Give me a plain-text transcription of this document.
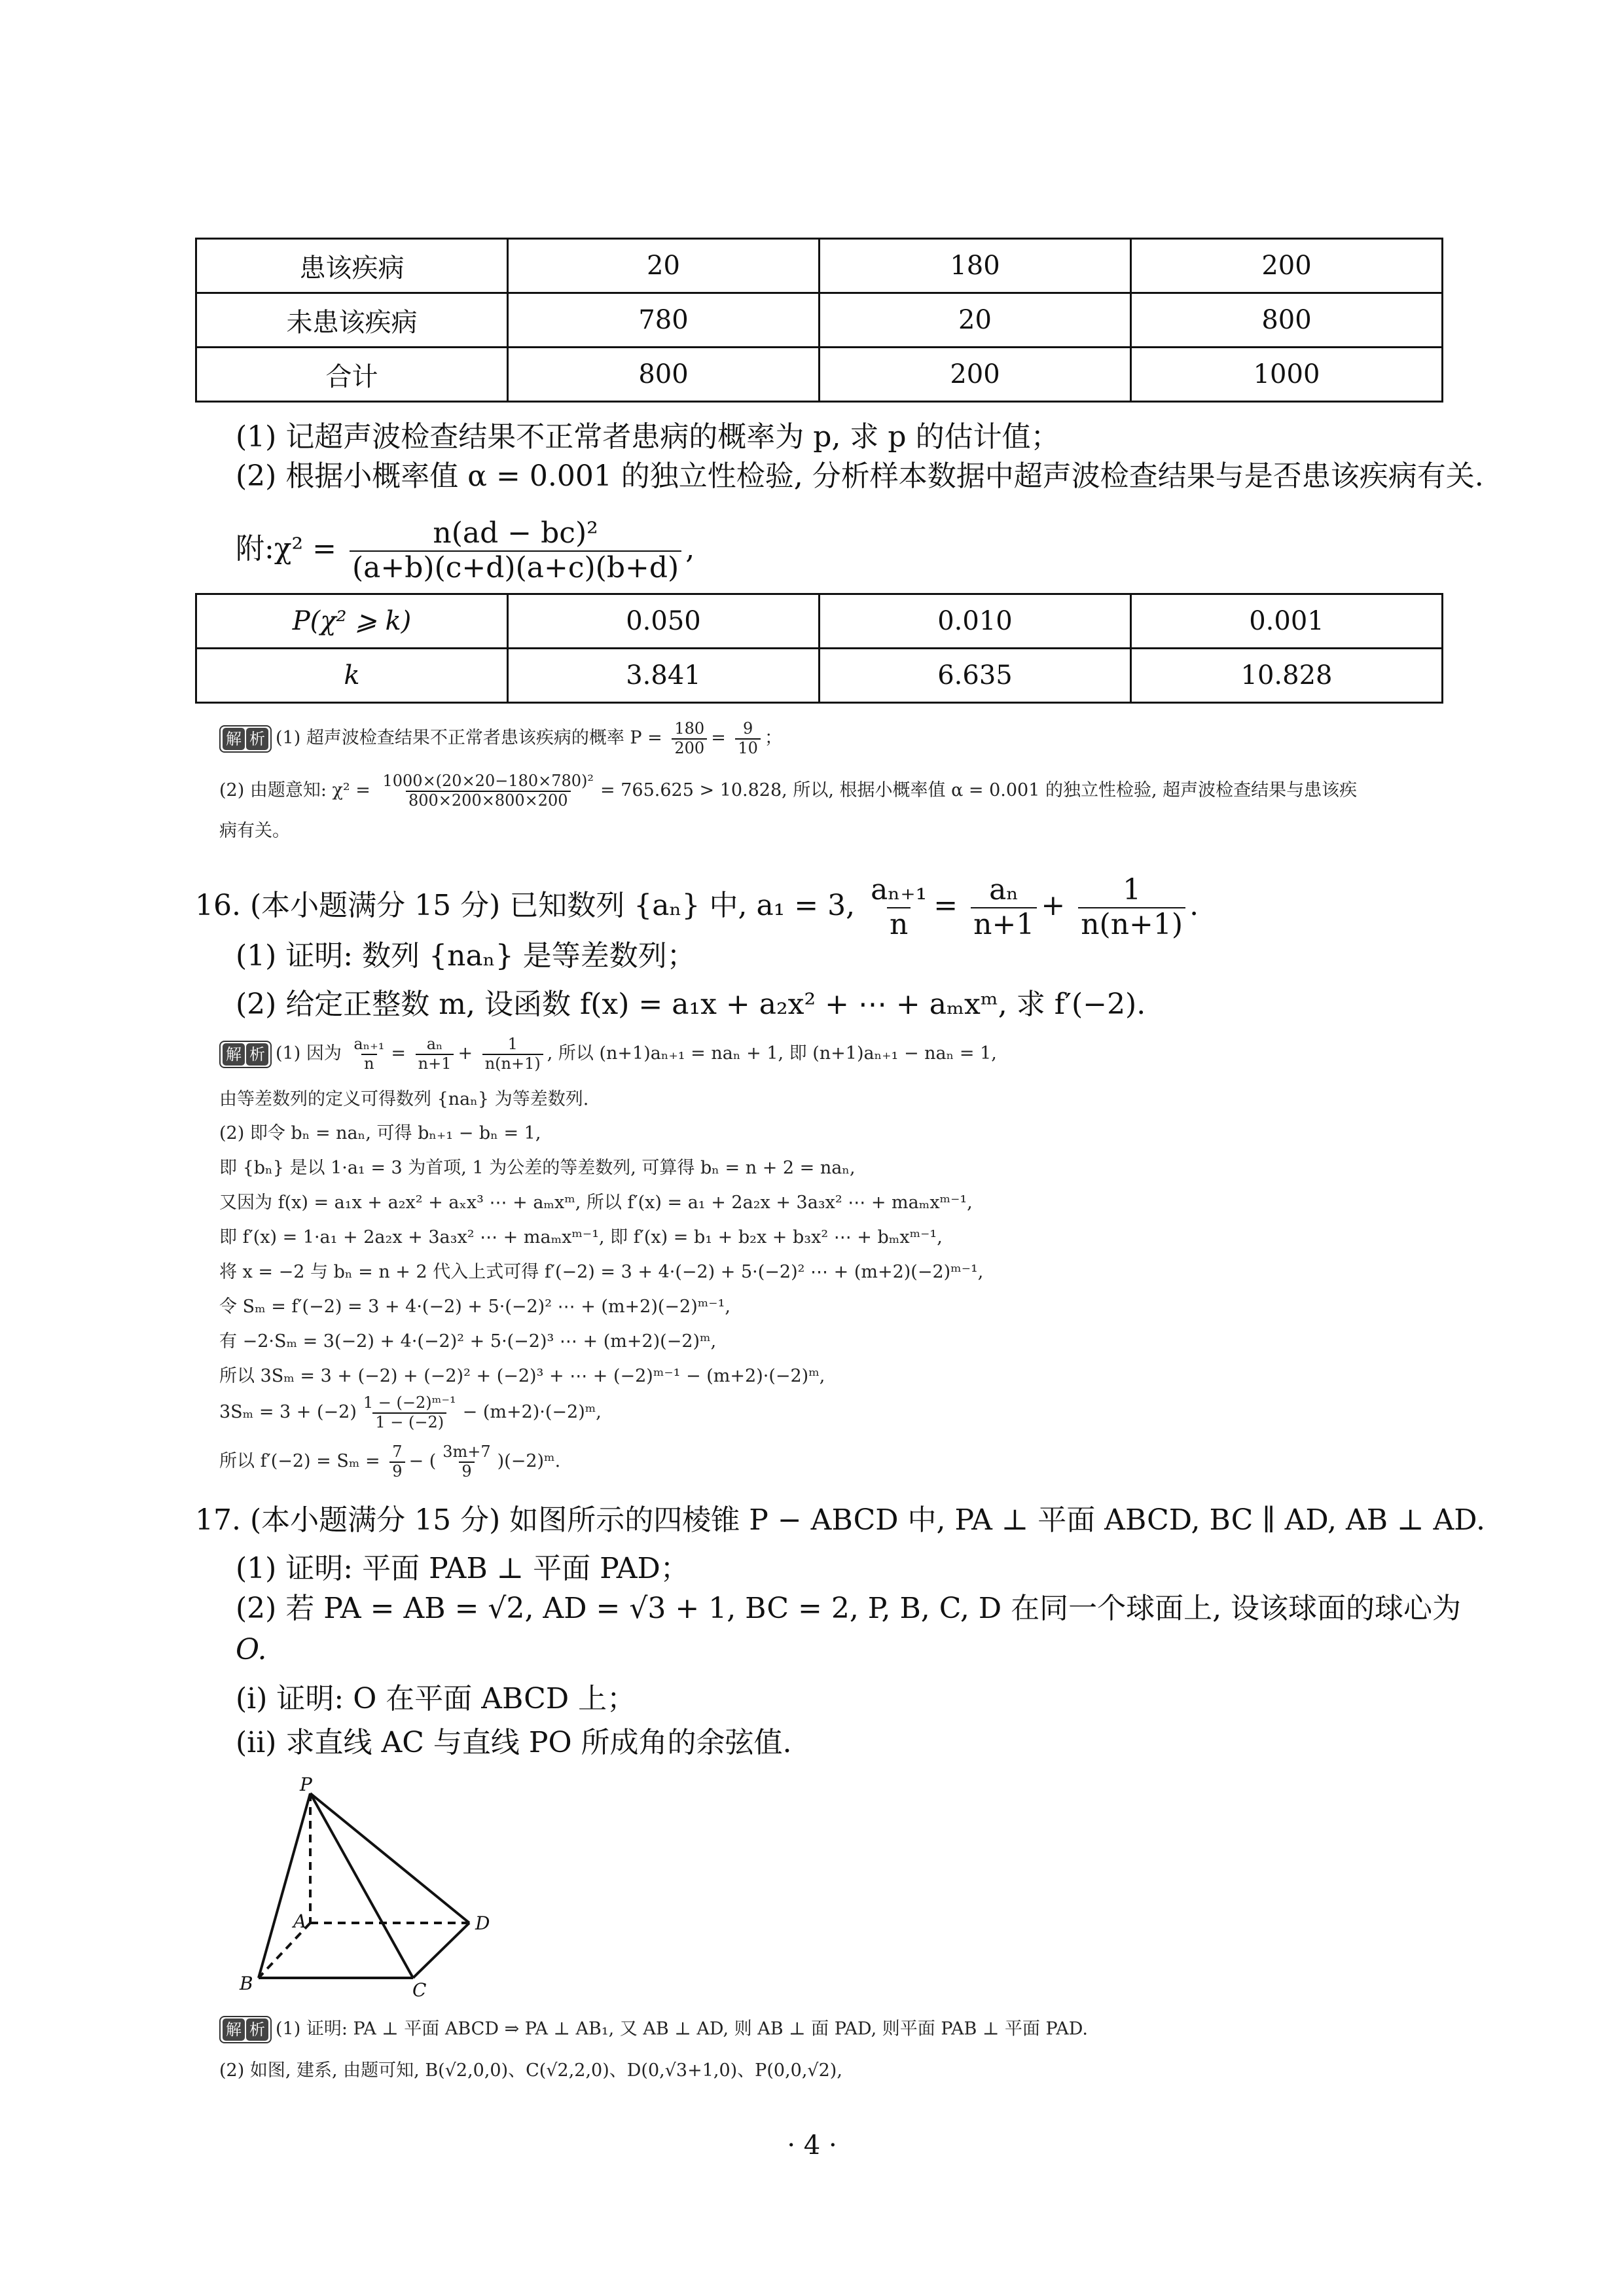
患该疾病	20	180	200
未患该疾病	780	20	800
合计	800	200	1000
(1) 记超声波检查结果不正常者患病的概率为 p, 求 p 的估计值；
(2) 根据小概率值 α = 0.001 的独立性检验, 分析样本数据中超声波检查结果与是否患该疾病有关.
附:χ² = $\frac{\text{n(ad − bc)²}}{(a+b)(c+d)(a+c)(b+d)}$ ,
P(χ² ⩾ k)	0.050	0.010	0.001
k	3.841	6.635	10.828
解 析 (1) 超声波检查结果不正常者患该疾病的概率 $P = \frac{180}{200} = \frac{9}{10}$ ；
(2) 由题意知: $\chi^2 = \frac{\text{1000×(20×20−180×780)²}}{800\times 200\times 800\times 200} = 765.625 > 10.828$, 所以, 根据小概率值 α = 0.001 的独立性检验, 超声波检查结果与患该疾
病有关。
16. (本小题满分 15 分) 已知数列 {aₙ} 中, a₁ = 3, $\frac{\text{aₙ₊₁}}{n} = \frac{\text{aₙ}}{n+1} + \frac{1}{n(n+1)}$ .
(1) 证明: 数列 {naₙ} 是等差数列；
(2) 给定正整数 m, 设函数 f(x) = a₁x + a₂x² + ⋯ + aₘxᵐ, 求 f′(−2).
解 析 (1) 因为 $\frac{\text{aₙ₊₁}}{n} = \frac{\text{aₙ}}{n+1} + \frac{1}{n(n+1)}$ , 所以 (n+1)aₙ₊₁ = naₙ + 1, 即 (n+1)aₙ₊₁ − naₙ = 1,
由等差数列的定义可得数列 {naₙ} 为等差数列.
(2) 即令 bₙ = naₙ, 可得 bₙ₊₁ − bₙ = 1,
即 {bₙ} 是以 1·a₁ = 3 为首项, 1 为公差的等差数列, 可算得 bₙ = n + 2 = naₙ,
又因为 f(x) = a₁x + a₂x² + aₓx³ ⋯ + aₘxᵐ, 所以 f′(x) = a₁ + 2a₂x + 3a₃x² ⋯ + maₘxᵐ⁻¹,
即 f′(x) = 1·a₁ + 2a₂x + 3a₃x² ⋯ + maₘxᵐ⁻¹, 即 f′(x) = b₁ + b₂x + b₃x² ⋯ + bₘxᵐ⁻¹,
将 x = −2 与 bₙ = n + 2 代入上式可得 f′(−2) = 3 + 4·(−2) + 5·(−2)² ⋯ + (m+2)(−2)ᵐ⁻¹,
令 Sₘ = f′(−2) = 3 + 4·(−2) + 5·(−2)² ⋯ + (m+2)(−2)ᵐ⁻¹,
有 −2·Sₘ = 3(−2) + 4·(−2)² + 5·(−2)³ ⋯ + (m+2)(−2)ᵐ,
所以 3Sₘ = 3 + (−2) + (−2)² + (−2)³ + ⋯ + (−2)ᵐ⁻¹ − (m+2)·(−2)ᵐ,
$3S_m = 3 + (-2) \frac{\text{1 − (−2)ᵐ⁻¹}}{1 - (-2)}$ − (m+2)·(−2)ᵐ,
所以 $f'(-2) = S_m = \frac{7}{9}$ − ( $\frac{3m+7}{9}$ )(−2)ᵐ.
17. (本小题满分 15 分) 如图所示的四棱锥 P − ABCD 中, PA ⊥ 平面 ABCD, BC ∥ AD, AB ⊥ AD.
(1) 证明: 平面 PAB ⊥ 平面 PAD；
(2) 若 PA = AB = √2, AD = √3 + 1, BC = 2, P, B, C, D 在同一个球面上, 设该球面的球心为
O.
(i) 证明: O 在平面 ABCD 上；
(ii) 求直线 AC 与直线 PO 所成角的余弦值.
P
A
B	C
D
解 析 (1) 证明: PA ⊥ 平面 ABCD ⇒ PA ⊥ AB₁, 又 AB ⊥ AD, 则 AB ⊥ 面 PAD, 则平面 PAB ⊥ 平面 PAD.
(2) 如图, 建系, 由题可知, B(√2,0,0)、C(√2,2,0)、D(0,√3+1,0)、P(0,0,√2),
· 4 ·
